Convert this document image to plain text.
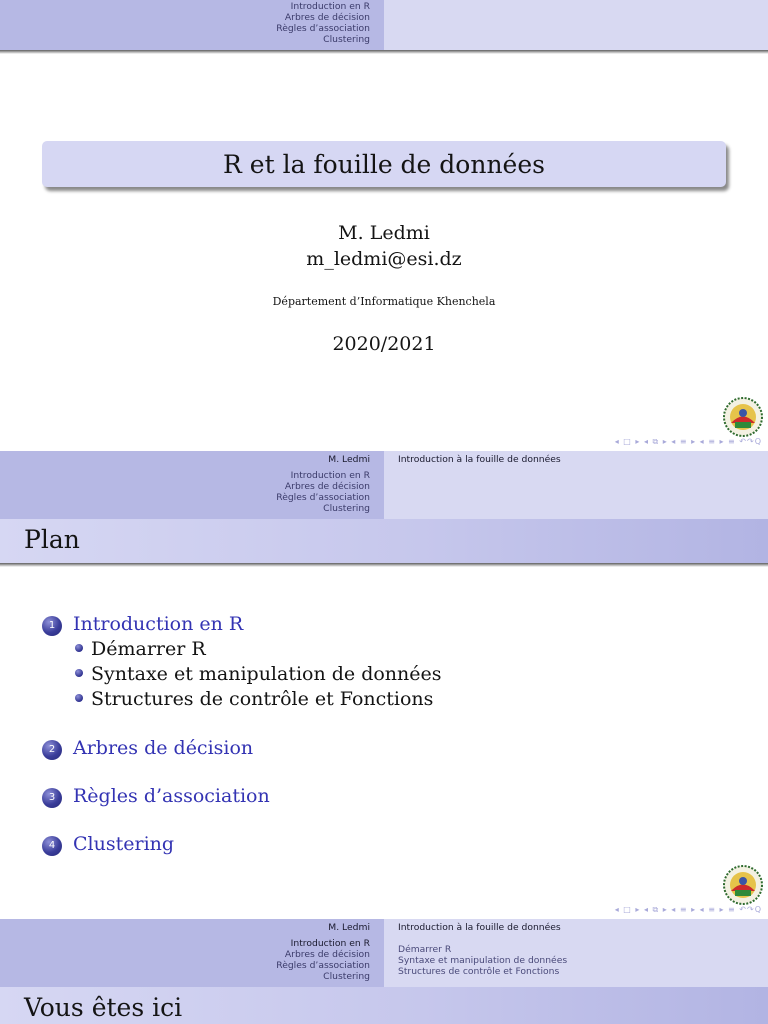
Introduction en R
Arbres de décision
Règles d’association
Clustering
R et la fouille de données
M. Ledmi
m_ledmi@esi.dz
Département d’Informatique Khenchela
2020/2021
◂ □ ▸ ◂ ⧉ ▸ ◂ ≡ ▸ ◂ ≡ ▸ ≡ ↶↷Q
M. Ledmi
Introduction en R
Arbres de décision
Règles d’association
Clustering
Introduction à la fouille de données
Plan
1 Introduction en R
Démarrer R
Syntaxe et manipulation de données
Structures de contrôle et Fonctions
2 Arbres de décision
3 Règles d’association
4 Clustering
◂ □ ▸ ◂ ⧉ ▸ ◂ ≡ ▸ ◂ ≡ ▸ ≡ ↶↷Q
M. Ledmi
Introduction en R
Arbres de décision
Règles d’association
Clustering
Introduction à la fouille de données
Démarrer R
Syntaxe et manipulation de données
Structures de contrôle et Fonctions
Vous êtes ici
